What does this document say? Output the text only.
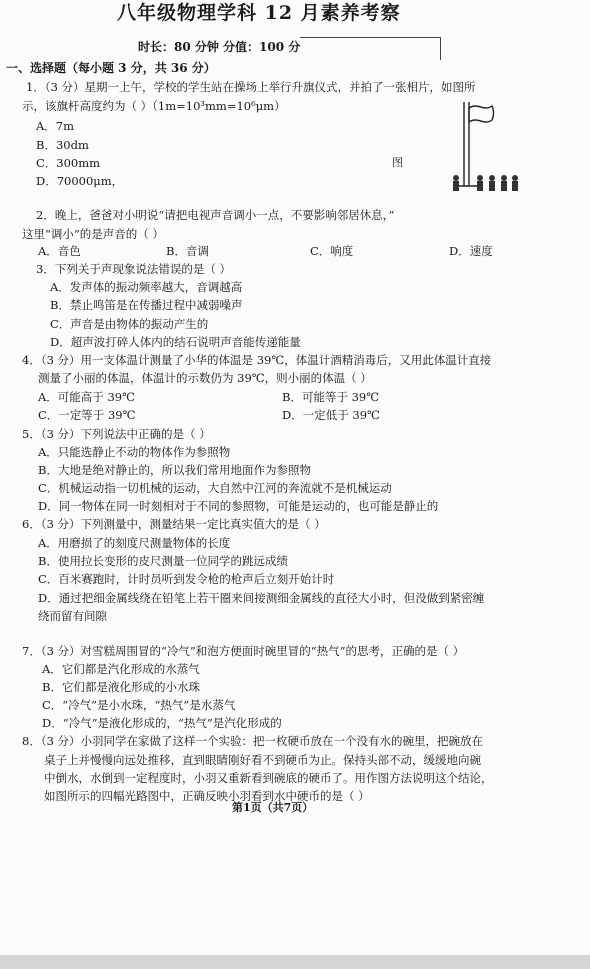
八年级物理学科 12 月素养考察
时长：80 分钟 分值：100 分
一、选择题（每小题 3 分，共 36 分）
1．（3 分）星期一上午，学校的学生站在操场上举行升旗仪式，并拍了一张相片，如图所
示，该旗杆高度约为（ ）（1m=10³mm=10⁶μm）
A．7m
B．30dm
C．300mm
D．70000μm，
2．晚上，爸爸对小明说“请把电视声音调小一点，不要影响邻居休息，”
这里“调小”的是声音的（ ）
A．音色	B．音调	C．响度	D．速度
3．下列关于声现象说法错误的是（ ）
A．发声体的振动频率越大，音调越高
B．禁止鸣笛是在传播过程中减弱噪声
C．声音是由物体的振动产生的
D．超声波打碎人体内的结石说明声音能传递能量
4．（3 分）用一支体温计测量了小华的体温是 39℃，体温计酒精消毒后，又用此体温计直接
测量了小丽的体温，体温计的示数仍为 39℃，则小丽的体温（ ）
A．可能高于 39℃	B．可能等于 39℃
C．一定等于 39℃	D．一定低于 39℃
5．（3 分）下列说法中正确的是（ ）
A．只能选静止不动的物体作为参照物
B．大地是绝对静止的，所以我们常用地面作为参照物
C．机械运动指一切机械的运动，大自然中江河的奔流就不是机械运动
D．同一物体在同一时刻相对于不同的参照物，可能是运动的，也可能是静止的
6．（3 分）下列测量中，测量结果一定比真实值大的是（ ）
A．用磨损了的刻度尺测量物体的长度
B．使用拉长变形的皮尺测量一位同学的跳远成绩
C．百米赛跑时，计时员听到发令枪的枪声后立刻开始计时
D．通过把细金属线绕在铅笔上若干圈来间接测细金属线的直径大小时，但没做到紧密缠
绕而留有间隙
7．（3 分）对雪糕周围冒的“冷气”和泡方便面时碗里冒的“热气”的思考，正确的是（ ）
A．它们都是汽化形成的水蒸气
B．它们都是液化形成的小水珠
C．“冷气”是小水珠，“热气”是水蒸气
D．“冷气”是液化形成的，“热气”是汽化形成的
8．（3 分）小羽同学在家做了这样一个实验：把一枚硬币放在一个没有水的碗里，把碗放在
桌子上并慢慢向远处推移，直到眼睛刚好看不到硬币为止。保持头部不动，缓缓地向碗
中倒水，水倒到一定程度时，小羽又重新看到碗底的硬币了。用作图方法说明这个结论，
如图所示的四幅光路图中，正确反映小羽看到水中硬币的是（ ）
图
第1页（共7页）
